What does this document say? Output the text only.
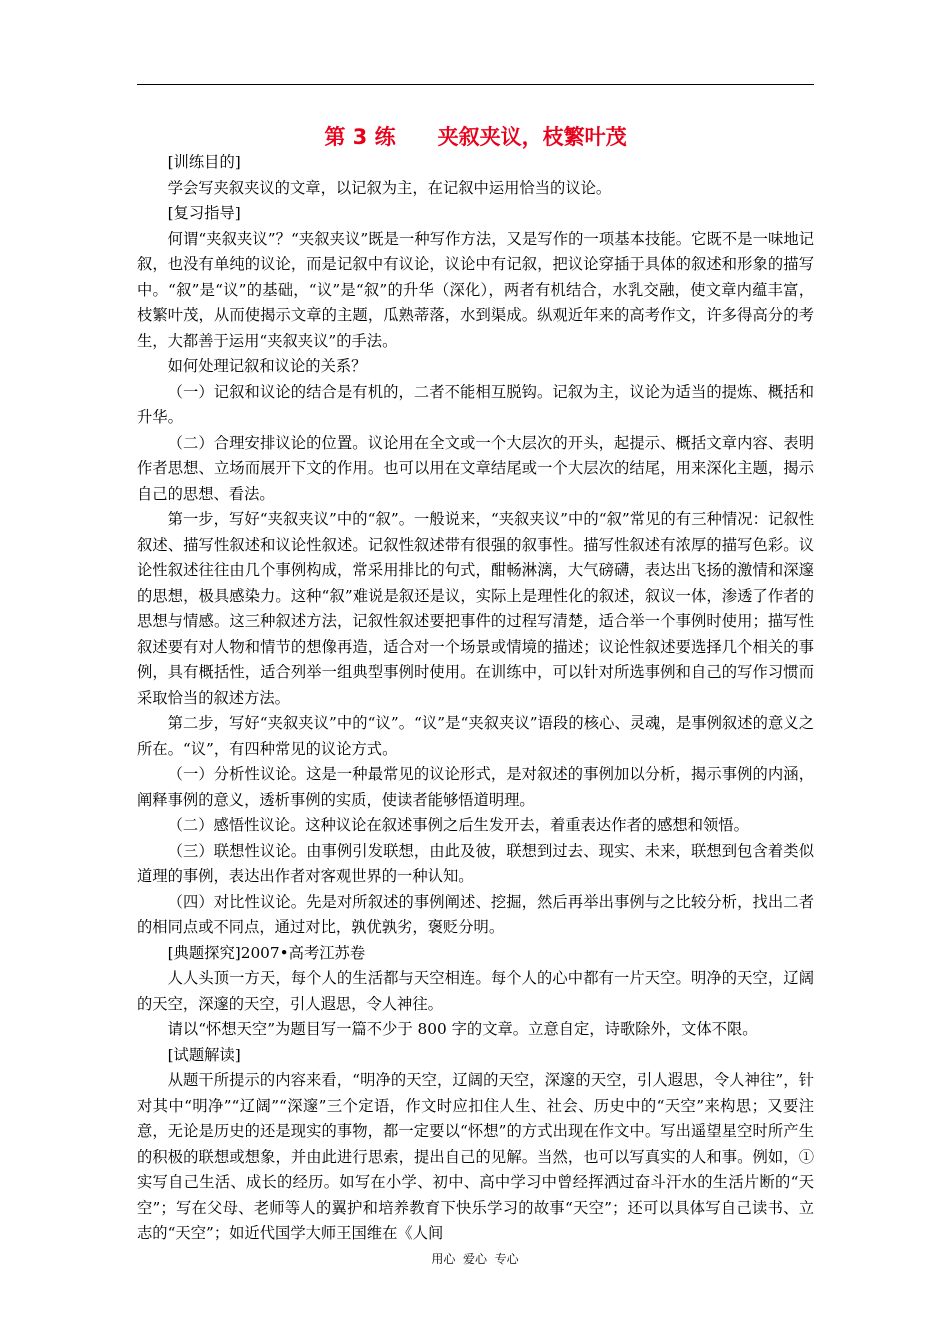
第 3 练　　夹叙夹议，枝繁叶茂

[训练目的]

学会写夹叙夹议的文章，以记叙为主，在记叙中运用恰当的议论。

[复习指导]

何谓“夹叙夹议”？“夹叙夹议”既是一种写作方法，又是写作的一项基本技能。它既不是一味地记叙，也没有单纯的议论，而是记叙中有议论，议论中有记叙，把议论穿插于具体的叙述和形象的描写中。“叙”是“议”的基础，“议”是“叙”的升华（深化），两者有机结合，水乳交融，使文章内蕴丰富，枝繁叶茂，从而使揭示文章的主题，瓜熟蒂落，水到渠成。纵观近年来的高考作文，许多得高分的考生，大都善于运用“夹叙夹议”的手法。

如何处理记叙和议论的关系？

（一）记叙和议论的结合是有机的，二者不能相互脱钩。记叙为主，议论为适当的提炼、概括和升华。

（二）合理安排议论的位置。议论用在全文或一个大层次的开头，起提示、概括文章内容、表明作者思想、立场而展开下文的作用。也可以用在文章结尾或一个大层次的结尾，用来深化主题，揭示自己的思想、看法。

第一步，写好“夹叙夹议”中的“叙”。一般说来，“夹叙夹议”中的“叙”常见的有三种情况：记叙性叙述、描写性叙述和议论性叙述。记叙性叙述带有很强的叙事性。描写性叙述有浓厚的描写色彩。议论性叙述往往由几个事例构成，常采用排比的句式，酣畅淋漓，大气磅礴，表达出飞扬的激情和深邃的思想，极具感染力。这种“叙”难说是叙还是议，实际上是理性化的叙述，叙议一体，渗透了作者的思想与情感。这三种叙述方法，记叙性叙述要把事件的过程写清楚，适合举一个事例时使用；描写性叙述要有对人物和情节的想像再造，适合对一个场景或情境的描述；议论性叙述要选择几个相关的事例，具有概括性，适合列举一组典型事例时使用。在训练中，可以针对所选事例和自己的写作习惯而采取恰当的叙述方法。

第二步，写好“夹叙夹议”中的“议”。“议”是“夹叙夹议”语段的核心、灵魂，是事例叙述的意义之所在。“议”，有四种常见的议论方式。

（一）分析性议论。这是一种最常见的议论形式，是对叙述的事例加以分析，揭示事例的内涵，阐释事例的意义，透析事例的实质，使读者能够悟道明理。

（二）感悟性议论。这种议论在叙述事例之后生发开去，着重表达作者的感想和领悟。

（三）联想性议论。由事例引发联想，由此及彼，联想到过去、现实、未来，联想到包含着类似道理的事例，表达出作者对客观世界的一种认知。

（四）对比性议论。先是对所叙述的事例阐述、挖掘，然后再举出事例与之比较分析，找出二者的相同点或不同点，通过对比，孰优孰劣，褒贬分明。

[典题探究]2007•高考江苏卷

人人头顶一方天，每个人的生活都与天空相连。每个人的心中都有一片天空。明净的天空，辽阔的天空，深邃的天空，引人遐思，令人神往。

请以“怀想天空”为题目写一篇不少于 800 字的文章。立意自定，诗歌除外，文体不限。

[试题解读]

从题干所提示的内容来看，“明净的天空，辽阔的天空，深邃的天空，引人遐思，令人神往”，针对其中“明净”“辽阔”“深邃”三个定语，作文时应扣住人生、社会、历史中的“天空”来构思；又要注意，无论是历史的还是现实的事物，都一定要以“怀想”的方式出现在作文中。写出遥望星空时所产生的积极的联想或想象，并由此进行思索，提出自己的见解。当然，也可以写真实的人和事。例如，①实写自己生活、成长的经历。如写在小学、初中、高中学习中曾经挥洒过奋斗汗水的生活片断的“天空”；写在父母、老师等人的翼护和培养教育下快乐学习的故事“天空”；还可以具体写自己读书、立志的“天空”；如近代国学大师王国维在《人间

用心  爱心  专心
